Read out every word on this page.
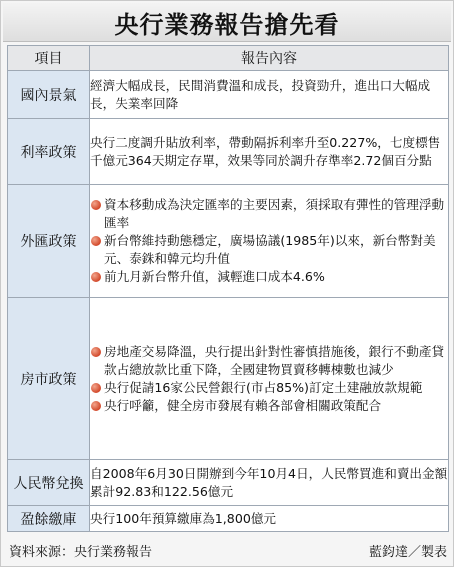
央行業務報告搶先看
項目	報告內容
國內景氣	經濟大幅成長，民間消費溫和成長，投資勁升，進出口大幅成長，失業率回降

利率政策	央行二度調升貼放利率，帶動隔拆利率升至0.227%，七度標售千億元364天期定存單，效果等同於調升存準率2.72個百分點

外匯政策	資本移動成為決定匯率的主要因素，須採取有彈性的管理浮動匯率
新台幣維持動態穩定，廣場協議(1985年)以來，新台幣對美元、泰銖和韓元均升值
前九月新台幣升值，減輕進口成本4.6%

房市政策	房地產交易降溫，央行提出針對性審慎措施後，銀行不動產貸款占總放款比重下降，全國建物買賣移轉棟數也減少
央行促請16家公民營銀行(市占85%)訂定土建融放款規範
央行呼籲，健全房市發展有賴各部會相關政策配合

人民幣兌換	自2008年6月30日開辦到今年10月4日，人民幣買進和賣出金額累計92.83和122.56億元

盈餘繳庫	央行100年預算繳庫為1,800億元
資料來源：央行業務報告	藍鈞達／製表
